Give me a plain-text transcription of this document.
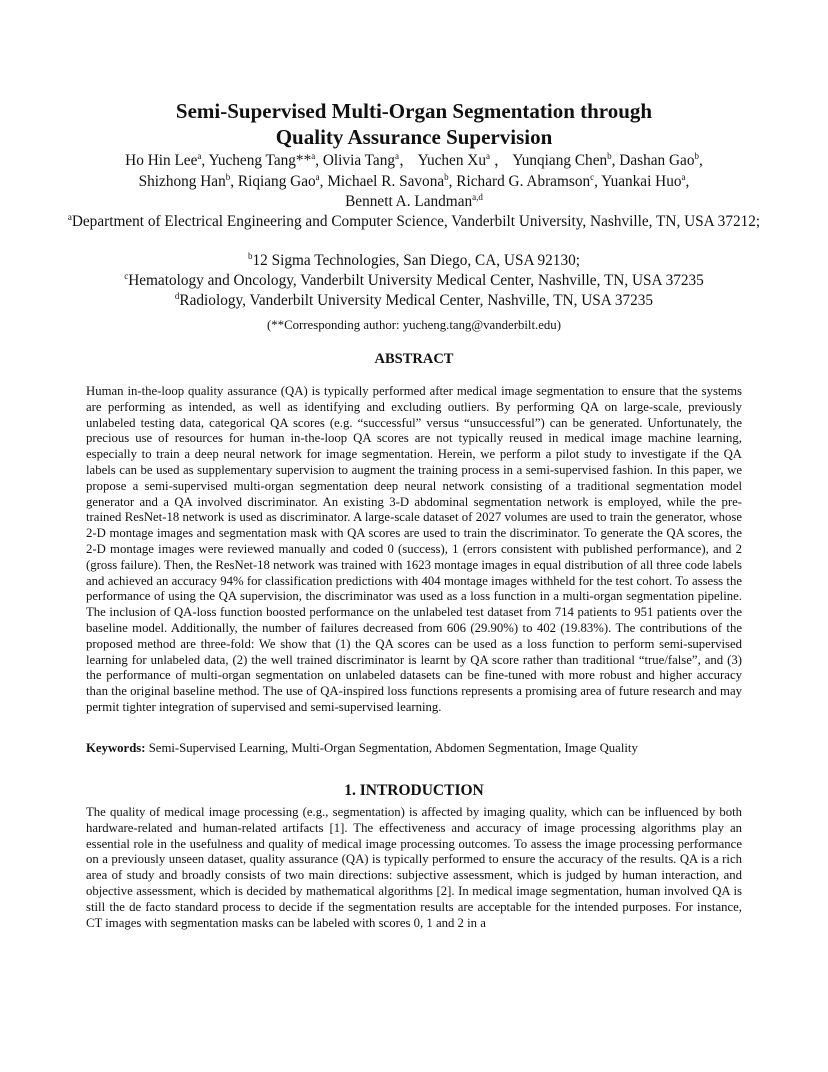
Semi-Supervised Multi-Organ Segmentation through

Quality Assurance Supervision

Ho Hin Lee$^a$, Yucheng Tang**$^a$, Olivia Tang$^a$， Yuchen Xu$^a$ ， Yunqiang Chen$^b$, Dashan Gao$^b$,

Shizhong Han$^b$, Riqiang Gao$^a$, Michael R. Savona$^b$, Richard G. Abramson$^c$, Yuankai Huo$^a$,

Bennett A. Landman$^{a,d}$

$^a$Department of Electrical Engineering and Computer Science, Vanderbilt University, Nashville, TN, USA 37212;

$^b$12 Sigma Technologies, San Diego, CA, USA 92130;

$^c$Hematology and Oncology, Vanderbilt University Medical Center, Nashville, TN, USA 37235

$^d$Radiology, Vanderbilt University Medical Center, Nashville, TN, USA 37235

(**Corresponding author: yucheng.tang@vanderbilt.edu)

ABSTRACT

Human in-the-loop quality assurance (QA) is typically performed after medical image segmentation to ensure that the systems are performing as intended, as well as identifying and excluding outliers. By performing QA on large-scale, previously unlabeled testing data, categorical QA scores (e.g. “successful” versus “unsuccessful”) can be generated. Unfortunately, the precious use of resources for human in-the-loop QA scores are not typically reused in medical image machine learning, especially to train a deep neural network for image segmentation. Herein, we perform a pilot study to investigate if the QA labels can be used as supplementary supervision to augment the training process in a semi-supervised fashion. In this paper, we propose a semi-supervised multi-organ segmentation deep neural network consisting of a traditional segmentation model generator and a QA involved discriminator. An existing 3-D abdominal segmentation network is employed, while the pre-trained ResNet-18 network is used as discriminator. A large-scale dataset of 2027 volumes are used to train the generator, whose 2-D montage images and segmentation mask with QA scores are used to train the discriminator. To generate the QA scores, the 2-D montage images were reviewed manually and coded 0 (success), 1 (errors consistent with published performance), and 2 (gross failure). Then, the ResNet-18 network was trained with 1623 montage images in equal distribution of all three code labels and achieved an accuracy 94% for classification predictions with 404 montage images withheld for the test cohort. To assess the performance of using the QA supervision, the discriminator was used as a loss function in a multi-organ segmentation pipeline. The inclusion of QA-loss function boosted performance on the unlabeled test dataset from 714 patients to 951 patients over the baseline model. Additionally, the number of failures decreased from 606 (29.90%) to 402 (19.83%). The contributions of the proposed method are three-fold: We show that (1) the QA scores can be used as a loss function to perform semi-supervised learning for unlabeled data, (2) the well trained discriminator is learnt by QA score rather than traditional “true/false”, and (3) the performance of multi-organ segmentation on unlabeled datasets can be fine-tuned with more robust and higher accuracy than the original baseline method. The use of QA-inspired loss functions represents a promising area of future research and may permit tighter integration of supervised and semi-supervised learning.

Keywords: Semi-Supervised Learning, Multi-Organ Segmentation, Abdomen Segmentation, Image Quality

1. INTRODUCTION

The quality of medical image processing (e.g., segmentation) is affected by imaging quality, which can be influenced by both hardware-related and human-related artifacts [1]. The effectiveness and accuracy of image processing algorithms play an essential role in the usefulness and quality of medical image processing outcomes. To assess the image processing performance on a previously unseen dataset, quality assurance (QA) is typically performed to ensure the accuracy of the results. QA is a rich area of study and broadly consists of two main directions: subjective assessment, which is judged by human interaction, and objective assessment, which is decided by mathematical algorithms [2]. In medical image segmentation, human involved QA is still the de facto standard process to decide if the segmentation results are acceptable for the intended purposes. For instance, CT images with segmentation masks can be labeled with scores 0, 1 and 2 in a
